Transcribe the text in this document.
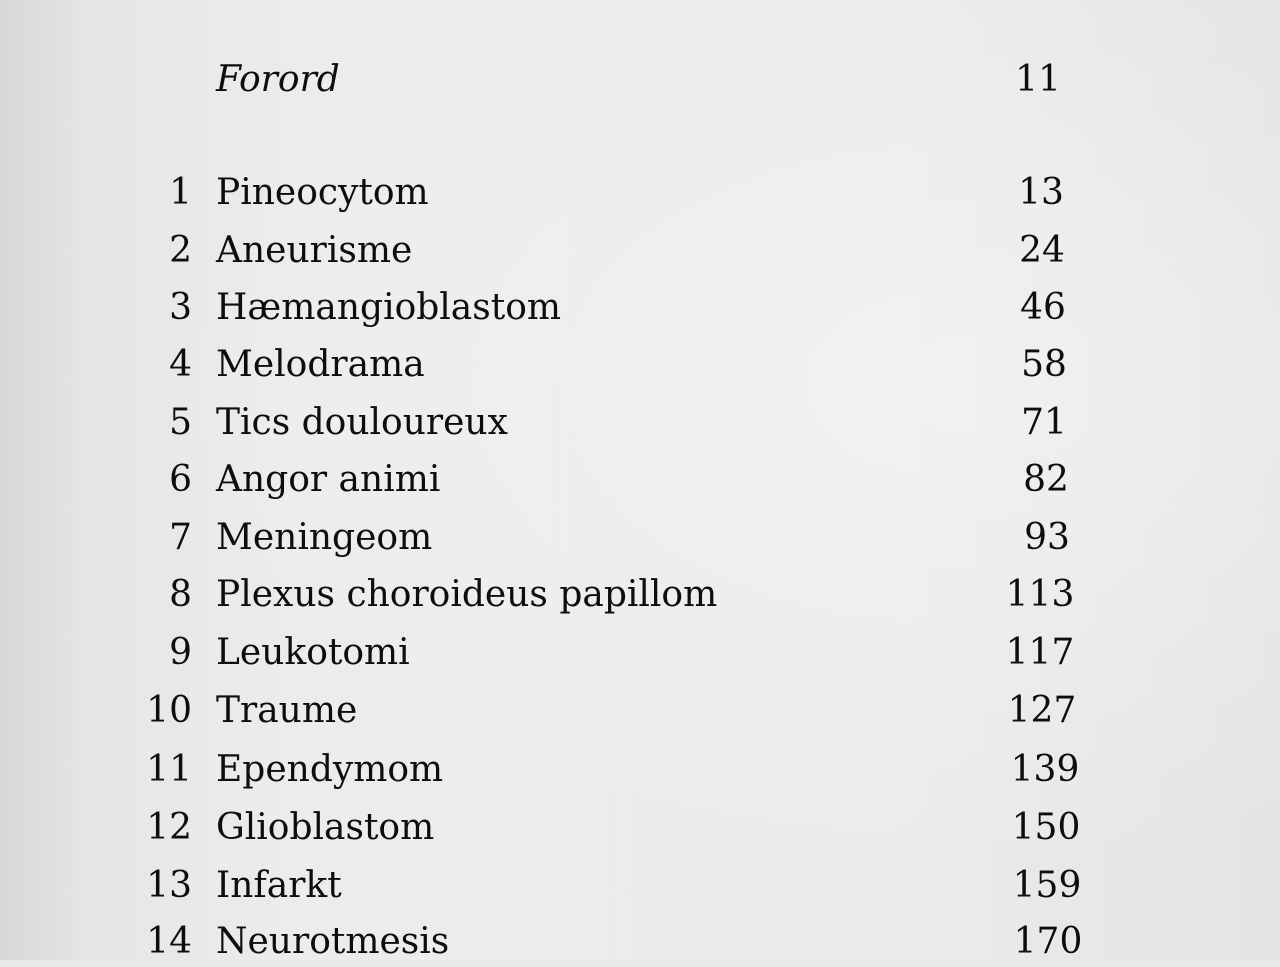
Forord	11
1 Pineocytom	13
2 Aneurisme	24
3 Hæmangioblastom	46
4 Melodrama	58
5 Tics douloureux	71
6 Angor animi	82
7 Meningeom	93
8 Plexus choroideus papillom	113
9 Leukotomi	117
10 Traume	127
11 Ependymom	139
12 Glioblastom	150
13 Infarkt	159
14 Neurotmesis	170
